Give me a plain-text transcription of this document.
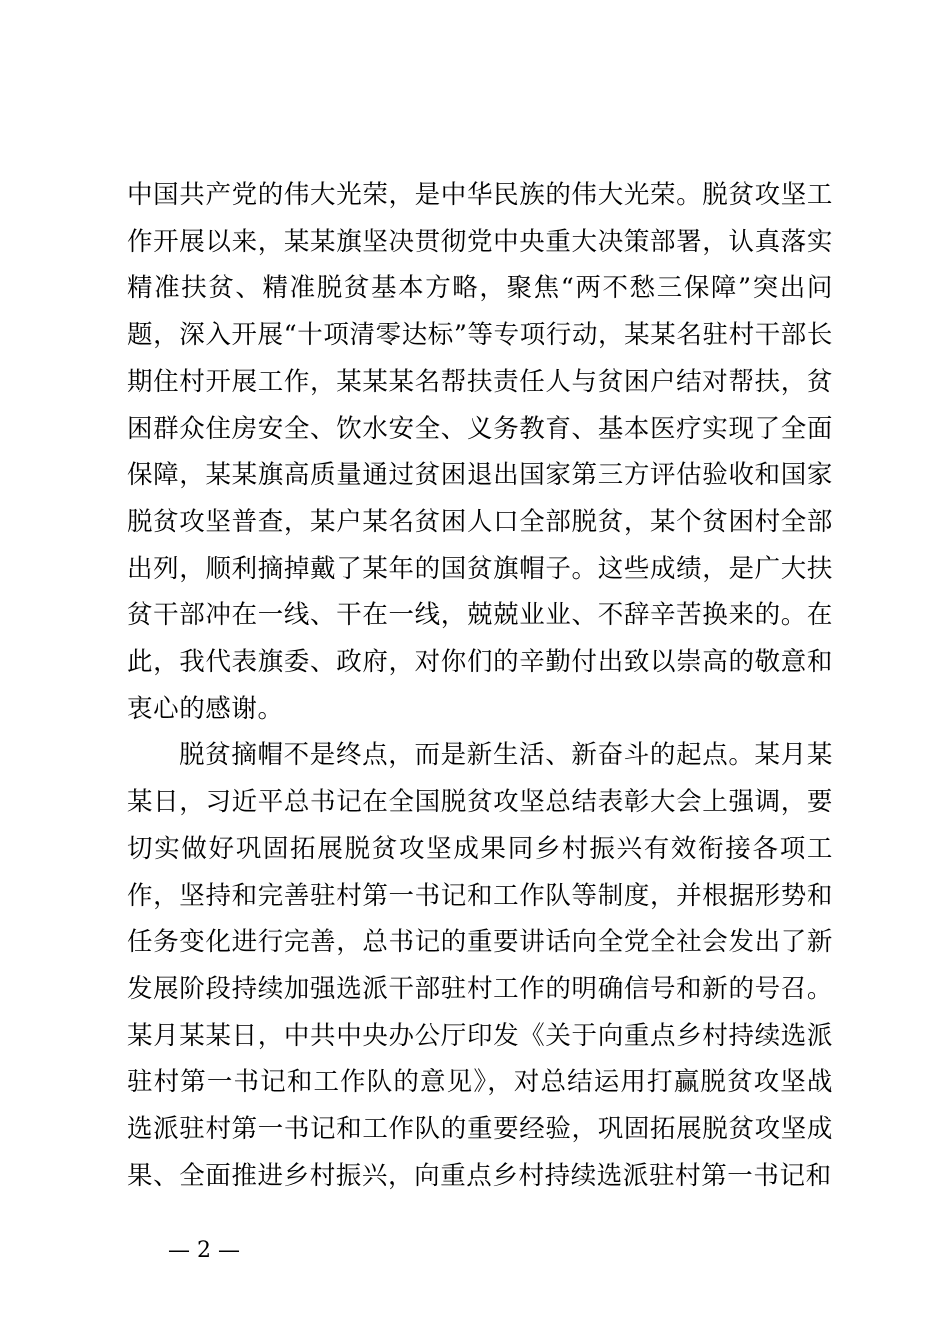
中国共产党的伟大光荣，是中华民族的伟大光荣。脱贫攻坚工作开展以来，某某旗坚决贯彻党中央重大决策部署，认真落实精准扶贫、精准脱贫基本方略，聚焦“两不愁三保障”突出问题，深入开展“十项清零达标”等专项行动，某某名驻村干部长期住村开展工作，某某某名帮扶责任人与贫困户结对帮扶，贫困群众住房安全、饮水安全、义务教育、基本医疗实现了全面保障，某某旗高质量通过贫困退出国家第三方评估验收和国家脱贫攻坚普查，某户某名贫困人口全部脱贫，某个贫困村全部出列，顺利摘掉戴了某年的国贫旗帽子。这些成绩，是广大扶贫干部冲在一线、干在一线，兢兢业业、不辞辛苦换来的。在此，我代表旗委、政府，对你们的辛勤付出致以崇高的敬意和衷心的感谢。

脱贫摘帽不是终点，而是新生活、新奋斗的起点。某月某某日，习近平总书记在全国脱贫攻坚总结表彰大会上强调，要切实做好巩固拓展脱贫攻坚成果同乡村振兴有效衔接各项工作，坚持和完善驻村第一书记和工作队等制度，并根据形势和任务变化进行完善，总书记的重要讲话向全党全社会发出了新发展阶段持续加强选派干部驻村工作的明确信号和新的号召。某月某某日，中共中央办公厅印发《关于向重点乡村持续选派驻村第一书记和工作队的意见》，对总结运用打赢脱贫攻坚战选派驻村第一书记和工作队的重要经验，巩固拓展脱贫攻坚成果、全面推进乡村振兴，向重点乡村持续选派驻村第一书记和

— 2 —
